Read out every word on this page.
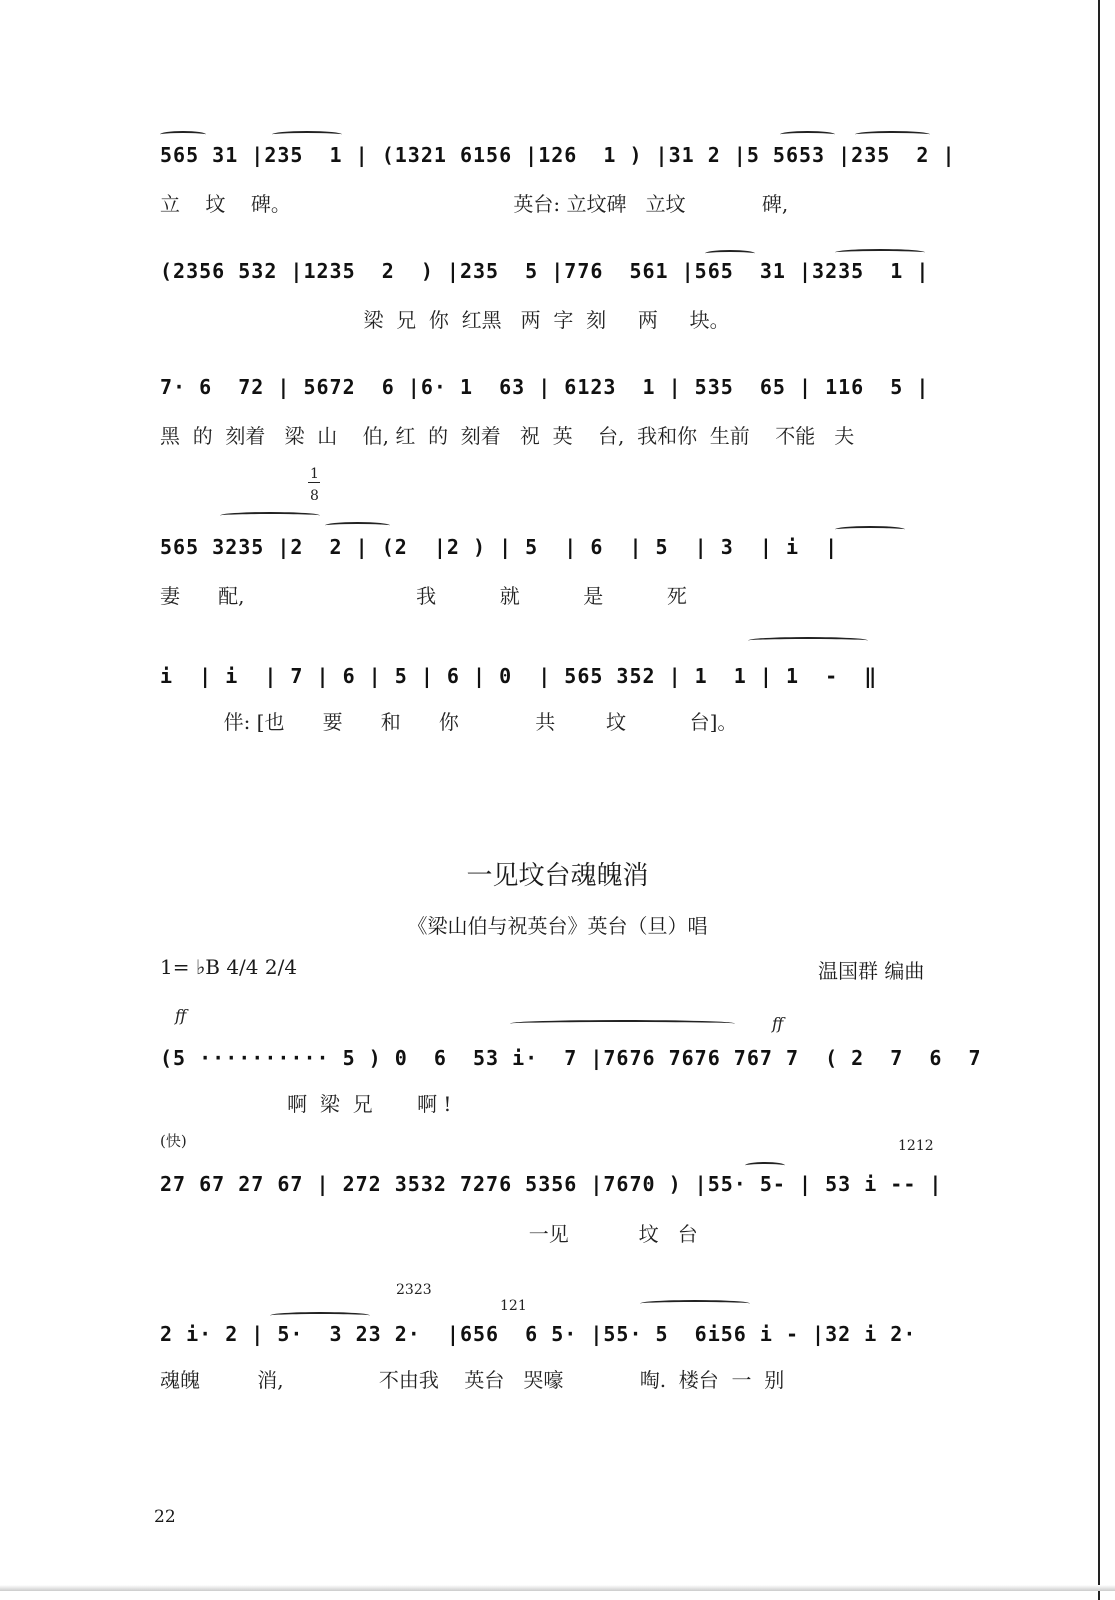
565 31 |235  1 | (1321 6156 |126  1 ) |31 2 |5 5653 |235  2 |
立    坟    碑。                                   英台: 立坟碑   立坟            碑,
(2356 532 |1235  2  ) |235  5 |776  561 |565  31 |3235  1 |
梁  兄  你  红黑   两  字  刻     两     块。
7· 6  72 | 5672  6 |6· 1  63 | 6123  1 | 535  65 | 116  5 |
黑  的  刻着   梁  山    伯, 红  的  刻着   祝  英    台,  我和你  生前    不能   夫
1
8
565 3235 |2  2 | (2  |2 ) | 5  | 6  | 5  | 3  | i  |
妻      配,                           我          就          是          死
i  | i  | 7 | 6 | 5 | 6 | 0  | 565 352 | 1  1 | 1  -  ‖
伴: [也      要      和      你            共        坟          台]。
一见坟台魂魄消
《梁山伯与祝英台》英台（旦）唱
1= ♭B 4/4 2/4	温国群 编曲
ff	ff
(5 ·········· 5 ) 0  6  53 i·  7 |7676 7676 767 7  ( 2  7  6  7
啊  梁  兄       啊 !
(快)	1212
27 67 27 67 | 272 3532 7276 5356 |7670 ) |55· 5- | 53 i -- |
一见           坟   台
2323
121
2 i· 2 | 5·  3 23 2·  |656  6 5· |55· 5  6i56 i - |32 i 2·
魂魄         消,               不由我    英台   哭嚎            啕.  楼台  一  别
22
